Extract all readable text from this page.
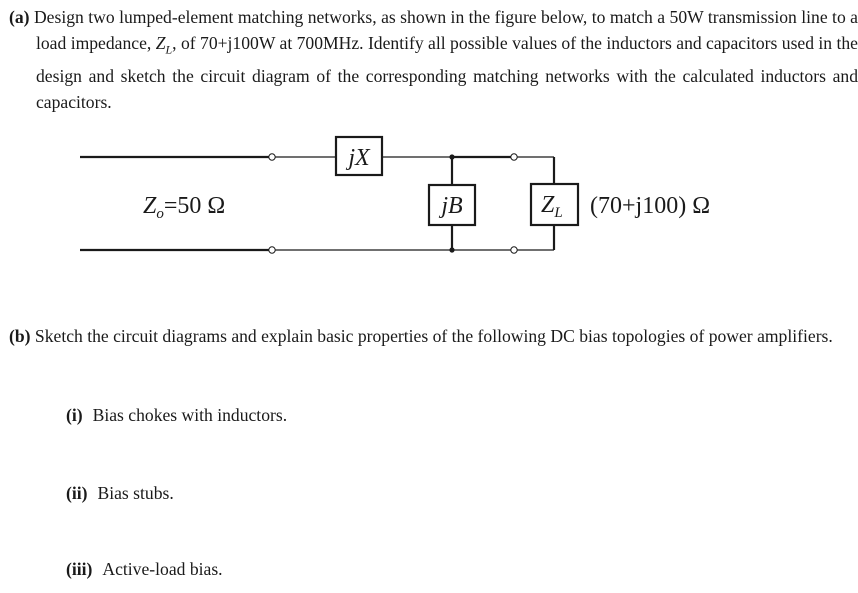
(a) Design two lumped-element matching networks, as shown in the figure below, to match a 50W transmission line to a load impedance, $Z_L$, of 70+j100W at 700MHz. Identify all possible values of the inductors and capacitors used in the design and sketch the circuit diagram of the corresponding matching networks with the calculated inductors and capacitors.
$Z_o=50$ Ω
jX
jB	$Z_L$ (70+j100) Ω
(b) Sketch the circuit diagrams and explain basic properties of the following DC bias topologies of power amplifiers.
(i) Bias chokes with inductors.
(ii) Bias stubs.
(iii) Active-load bias.
